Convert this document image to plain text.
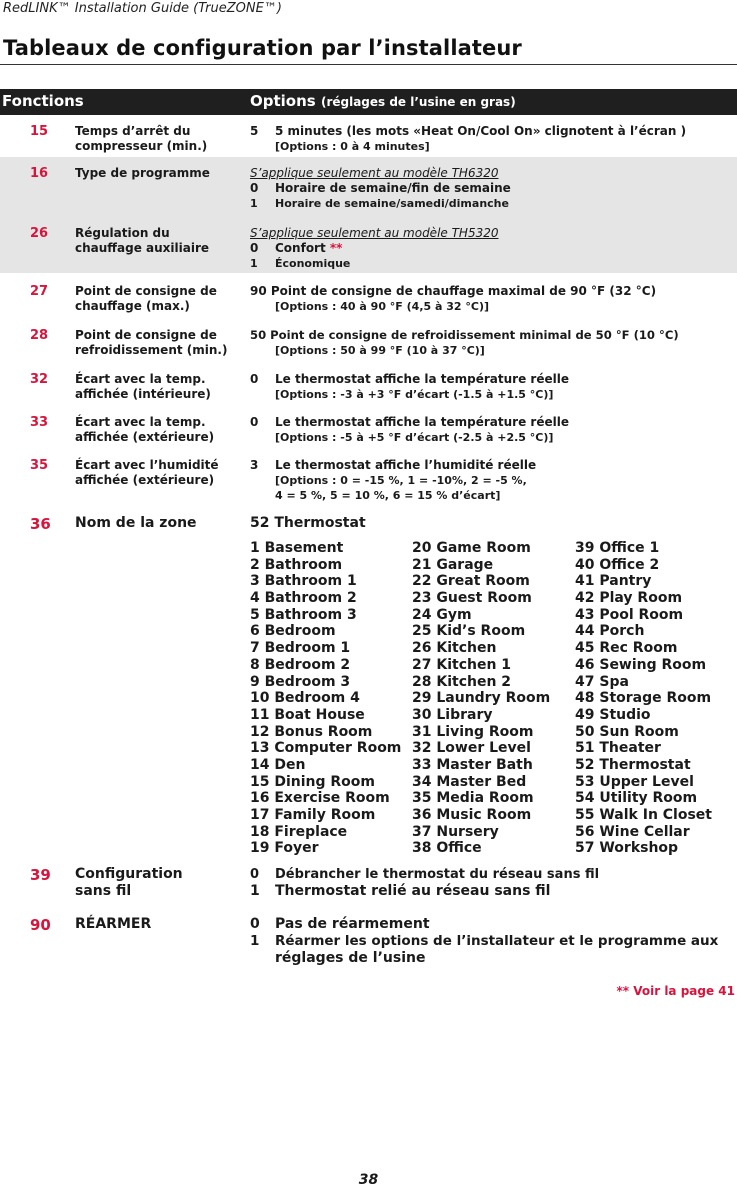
RedLINK™ Installation Guide (TrueZONE™)
Tableaux de configuration par l’installateur
Fonctions	Options (réglages de l’usine en gras)
15	Temps d’arrêt du compresseur (min.)
5 5 minutes (les mots «Heat On/Cool On» clignotent à l’écran )
[Options : 0 à 4 minutes]
16	Type de programme	S’applique seulement au modèle TH6320
0 Horaire de semaine/fin de semaine
1 Horaire de semaine/samedi/dimanche
26	Régulation du chauffage auxiliaire
S’applique seulement au modèle TH5320
0 Confort **
1 Économique
27	Point de consigne de chauffage (max.)
90 Point de consigne de chauffage maximal de 90 °F (32 °C)
[Options : 40 à 90 °F (4,5 à 32 °C)]
28	Point de consigne de refroidissement (min.)
50 Point de consigne de refroidissement minimal de 50 °F (10 °C)
[Options : 50 à 99 °F (10 à 37 °C)]
32	Écart avec la temp. affichée (intérieure)
0 Le thermostat affiche la température réelle
[Options : -3 à +3 °F d’écart (-1.5 à +1.5 °C)]
33	Écart avec la temp. affichée (extérieure)
0 Le thermostat affiche la température réelle
[Options : -5 à +5 °F d’écart (-2.5 à +2.5 °C)]
35	Écart avec l’humidité affichée (extérieure)
3 Le thermostat affiche l’humidité réelle
[Options : 0 = -15 %, 1 = -10%, 2 = -5 %,
4 = 5 %, 5 = 10 %, 6 = 15 % d’écart]
36 Nom de la zone	52 Thermostat
1 Basement
2 Bathroom
3 Bathroom 1
4 Bathroom 2
5 Bathroom 3
6 Bedroom
7 Bedroom 1
8 Bedroom 2
9 Bedroom 3
10 Bedroom 4
11 Boat House
12 Bonus Room
13 Computer Room
14 Den
15 Dining Room
16 Exercise Room
17 Family Room
18 Fireplace
19 Foyer
20 Game Room
21 Garage
22 Great Room
23 Guest Room
24 Gym
25 Kid’s Room
26 Kitchen
27 Kitchen 1
28 Kitchen 2
29 Laundry Room
30 Library
31 Living Room
32 Lower Level
33 Master Bath
34 Master Bed
35 Media Room
36 Music Room
37 Nursery
38 Office
39 Office 1
40 Office 2
41 Pantry
42 Play Room
43 Pool Room
44 Porch
45 Rec Room
46 Sewing Room
47 Spa
48 Storage Room
49 Studio
50 Sun Room
51 Theater
52 Thermostat
53 Upper Level
54 Utility Room
55 Walk In Closet
56 Wine Cellar
57 Workshop
39 Configuration sans fil
0 Débrancher le thermostat du réseau sans fil
1 Thermostat relié au réseau sans fil
90 RÉARMER	0 Pas de réarmement
1 Réarmer les options de l’installateur et le programme aux
réglages de l’usine
** Voir la page 41
38
